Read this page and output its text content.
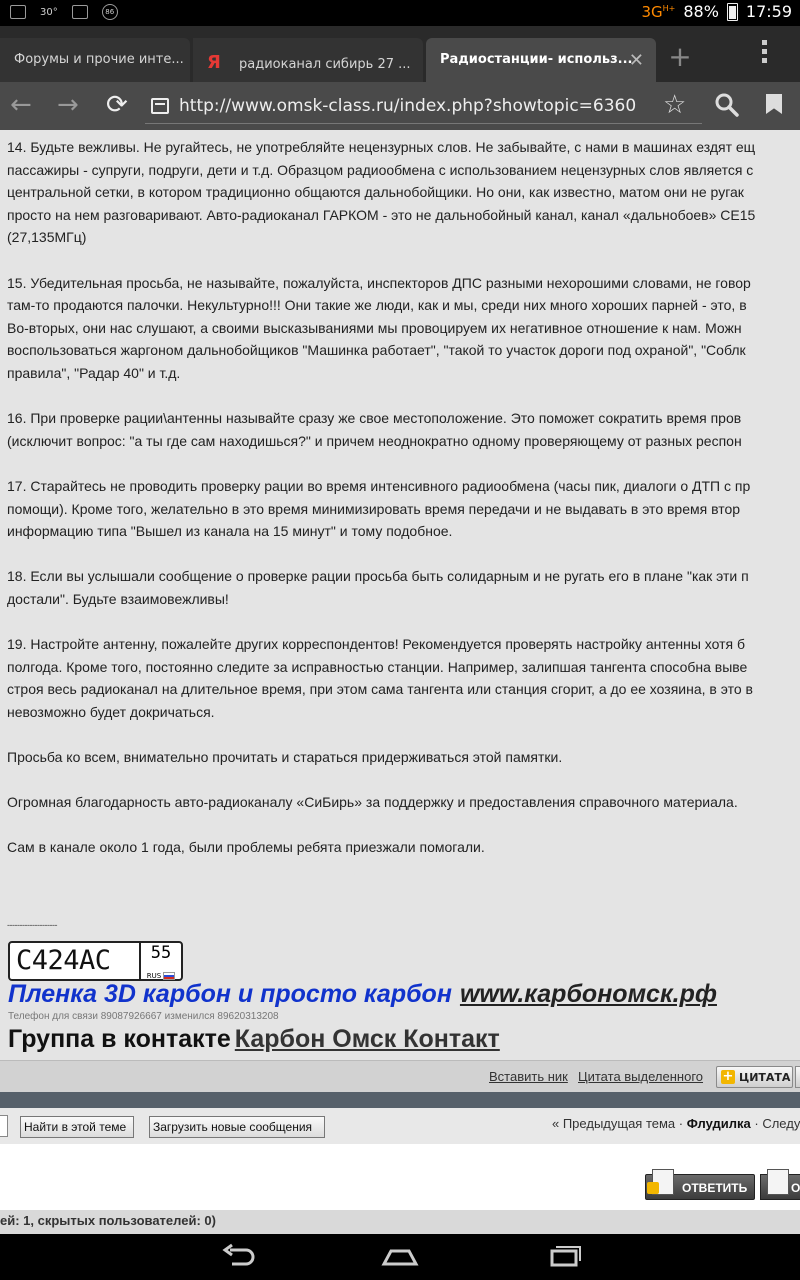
30°	86	$3G^{H+}$ 88% 17:59
Форумы и прочие инте...	Я радиоканал сибирь 27 ...	Радиостанции- использ...
✕ +
← → ⟳	http://www.omsk-class.ru/index.php?showtopic=6360 ☆

14. Будьте вежливы. Не ругайтесь, не употребляйте нецензурных слов. Не забывайте, с нами в машинах ездят ещ
пассажиры - супруги, подруги, дети и т.д. Образцом радиообмена с использованием нецензурных слов является с
центральной сетки, в котором традиционно общаются дальнобойщики. Но они, как известно, матом они не ругак
просто на нем разговаривают. Авто-радиоканал ГАРКОМ - это не дальнобойный канал, канал «дальнобоев» CE15
(27,135МГц)

15. Убедительная просьба, не называйте, пожалуйста, инспекторов ДПС разными нехорошими словами, не говор
там-то продаются палочки. Некультурно!!! Они такие же люди, как и мы, среди них много хороших парней - это, в
Во-вторых, они нас слушают, а своими высказываниями мы провоцируем их негативное отношение к нам. Можн
воспользоваться жаргоном дальнобойщиков "Машинка работает", "такой то участок дороги под охраной", "Соблк
правила", "Радар 40" и т.д.

16. При проверке рации\антенны называйте сразу же свое местоположение. Это поможет сократить время пров
(исключит вопрос: "а ты где сам находишься?" и причем неоднократно одному проверяющему от разных респон

17. Старайтесь не проводить проверку рации во время интенсивного радиообмена (часы пик, диалоги о ДТП с пр
помощи). Кроме того, желательно в это время минимизировать время передачи и не выдавать в это время втор
информацию типа "Вышел из канала на 15 минут" и тому подобное.

18. Если вы услышали сообщение о проверке рации просьба быть солидарным и не ругать его в плане "как эти п
достали". Будьте взаимовежливы!

19. Настройте антенну, пожалейте других корреспондентов! Рекомендуется проверять настройку антенны хотя б
полгода. Кроме того, постоянно следите за исправностью станции. Например, залипшая тангента способна выве
строя весь радиоканал на длительное время, при этом сама тангента или станция сгорит, а до ее хозяина, в это в
невозможно будет докричаться.

Просьба ко всем, внимательно прочитать и стараться придерживаться этой памятки.

Огромная благодарность авто-радиоканалу «СиБирь» за поддержку и предоставления справочного материала.

Сам в канале около 1 года, были проблемы ребята приезжали помогали.

--------------------
С424АС	55
RUS
Пленка 3D карбон и просто карбон www.карбономск.рф
Телефон для связи 89087926667 изменился 89620313208
Группа в контакте Карбон Омск Контакт
Вставить ник Цитата выделенного + ЦИТАТА
Найти в этой теме	Загрузить новые сообщения	« Предыдущая тема · Флудилка · Следу
ОТВЕТИТЬ	О
ей: 1, скрытых пользователей: 0)
